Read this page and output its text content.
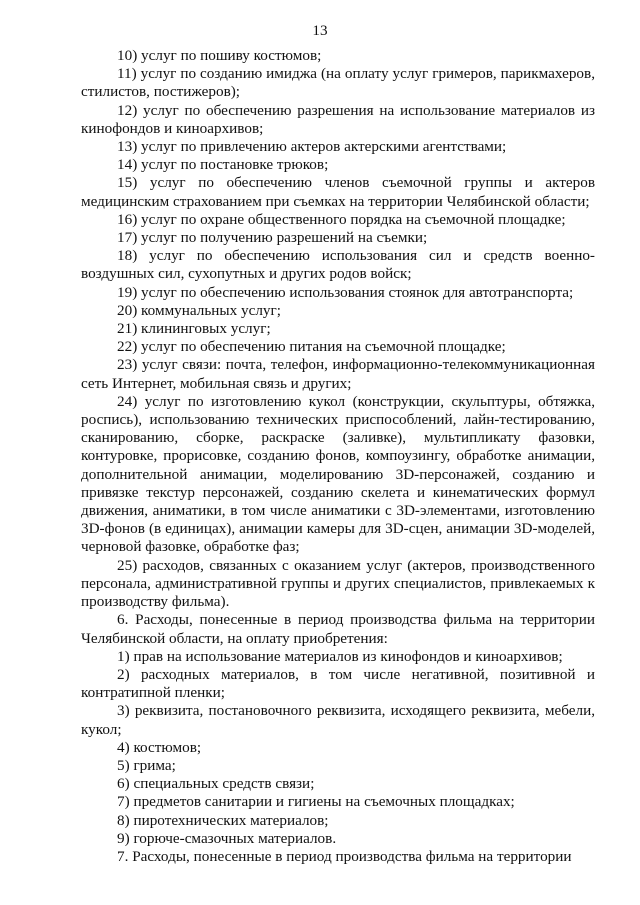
13

10) услуг по пошиву костюмов;

11) услуг по созданию имиджа (на оплату услуг гримеров, парикмахеров, стилистов, постижеров);

12) услуг по обеспечению разрешения на использование материалов из кинофондов и киноархивов;

13) услуг по привлечению актеров актерскими агентствами;

14) услуг по постановке трюков;

15) услуг по обеспечению членов съемочной группы и актеров медицинским страхованием при съемках на территории Челябинской области;

16) услуг по охране общественного порядка на съемочной площадке;

17) услуг по получению разрешений на съемки;

18) услуг по обеспечению использования сил и средств военно-воздушных сил, сухопутных и других родов войск;

19) услуг по обеспечению использования стоянок для автотранспорта;

20) коммунальных услуг;

21) клининговых услуг;

22) услуг по обеспечению питания на съемочной площадке;

23) услуг связи: почта, телефон, информационно-телекоммуникационная сеть Интернет, мобильная связь и других;

24) услуг по изготовлению кукол (конструкции, скульптуры, обтяжка, роспись), использованию технических приспособлений, лайн-тестированию, сканированию, сборке, раскраске (заливке), мультипликату фазовки, контуровке, прорисовке, созданию фонов, компоузингу, обработке анимации, дополнительной анимации, моделированию 3D-персонажей, созданию и привязке текстур персонажей, созданию скелета и кинематических формул движения, аниматики, в том числе аниматики с 3D-элементами, изготовлению 3D-фонов (в единицах), анимации камеры для 3D-сцен, анимации 3D-моделей, черновой фазовке, обработке фаз;

25) расходов, связанных с оказанием услуг (актеров, производственного персонала, административной группы и других специалистов, привлекаемых к производству фильма).

6. Расходы, понесенные в период производства фильма на территории Челябинской области, на оплату приобретения:

1) прав на использование материалов из кинофондов и киноархивов;

2) расходных материалов, в том числе негативной, позитивной и контратипной пленки;

3) реквизита, постановочного реквизита, исходящего реквизита, мебели, кукол;

4) костюмов;

5) грима;

6) специальных средств связи;

7) предметов санитарии и гигиены на съемочных площадках;

8) пиротехнических материалов;

9) горюче-смазочных материалов.

7. Расходы, понесенные в период производства фильма на территории
